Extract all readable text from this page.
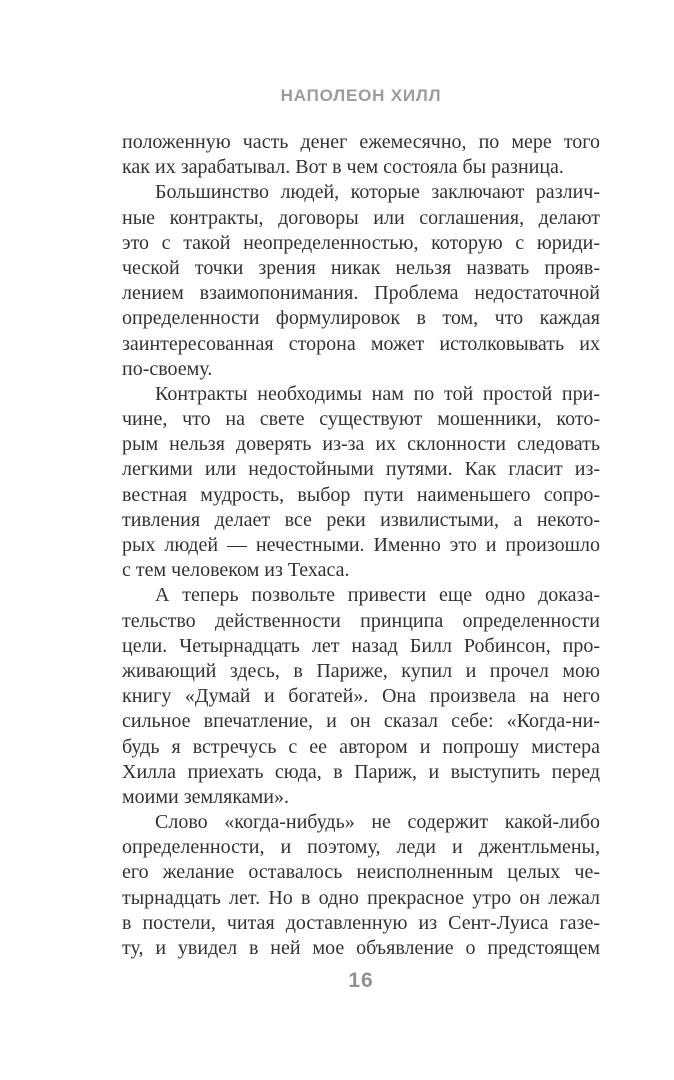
НАПОЛЕОН ХИЛЛ
положенную часть денег ежемесячно, по мере того
как их зарабатывал. Вот в чем состояла бы разница.
Большинство людей, которые заключают различ-
ные контракты, договоры или соглашения, делают
это с такой неопределенностью, которую с юриди-
ческой точки зрения никак нельзя назвать прояв-
лением взаимопонимания. Проблема недостаточной
определенности формулировок в том, что каждая
заинтересованная сторона может истолковывать их
по-своему.
Контракты необходимы нам по той простой при-
чине, что на свете существуют мошенники, кото-
рым нельзя доверять из-за их склонности следовать
легкими или недостойными путями. Как гласит из-
вестная мудрость, выбор пути наименьшего сопро-
тивления делает все реки извилистыми, а некото-
рых людей — нечестными. Именно это и произошло
с тем человеком из Техаса.
А теперь позвольте привести еще одно доказа-
тельство действенности принципа определенности
цели. Четырнадцать лет назад Билл Робинсон, про-
живающий здесь, в Париже, купил и прочел мою
книгу «Думай и богатей». Она произвела на него
сильное впечатление, и он сказал себе: «Когда-ни-
будь я встречусь с ее автором и попрошу мистера
Хилла приехать сюда, в Париж, и выступить перед
моими земляками».
Слово «когда-нибудь» не содержит какой-либо
определенности, и поэтому, леди и джентльмены,
его желание оставалось неисполненным целых че-
тырнадцать лет. Но в одно прекрасное утро он лежал
в постели, читая доставленную из Сент-Луиса газе-
ту, и увидел в ней мое объявление о предстоящем
16
